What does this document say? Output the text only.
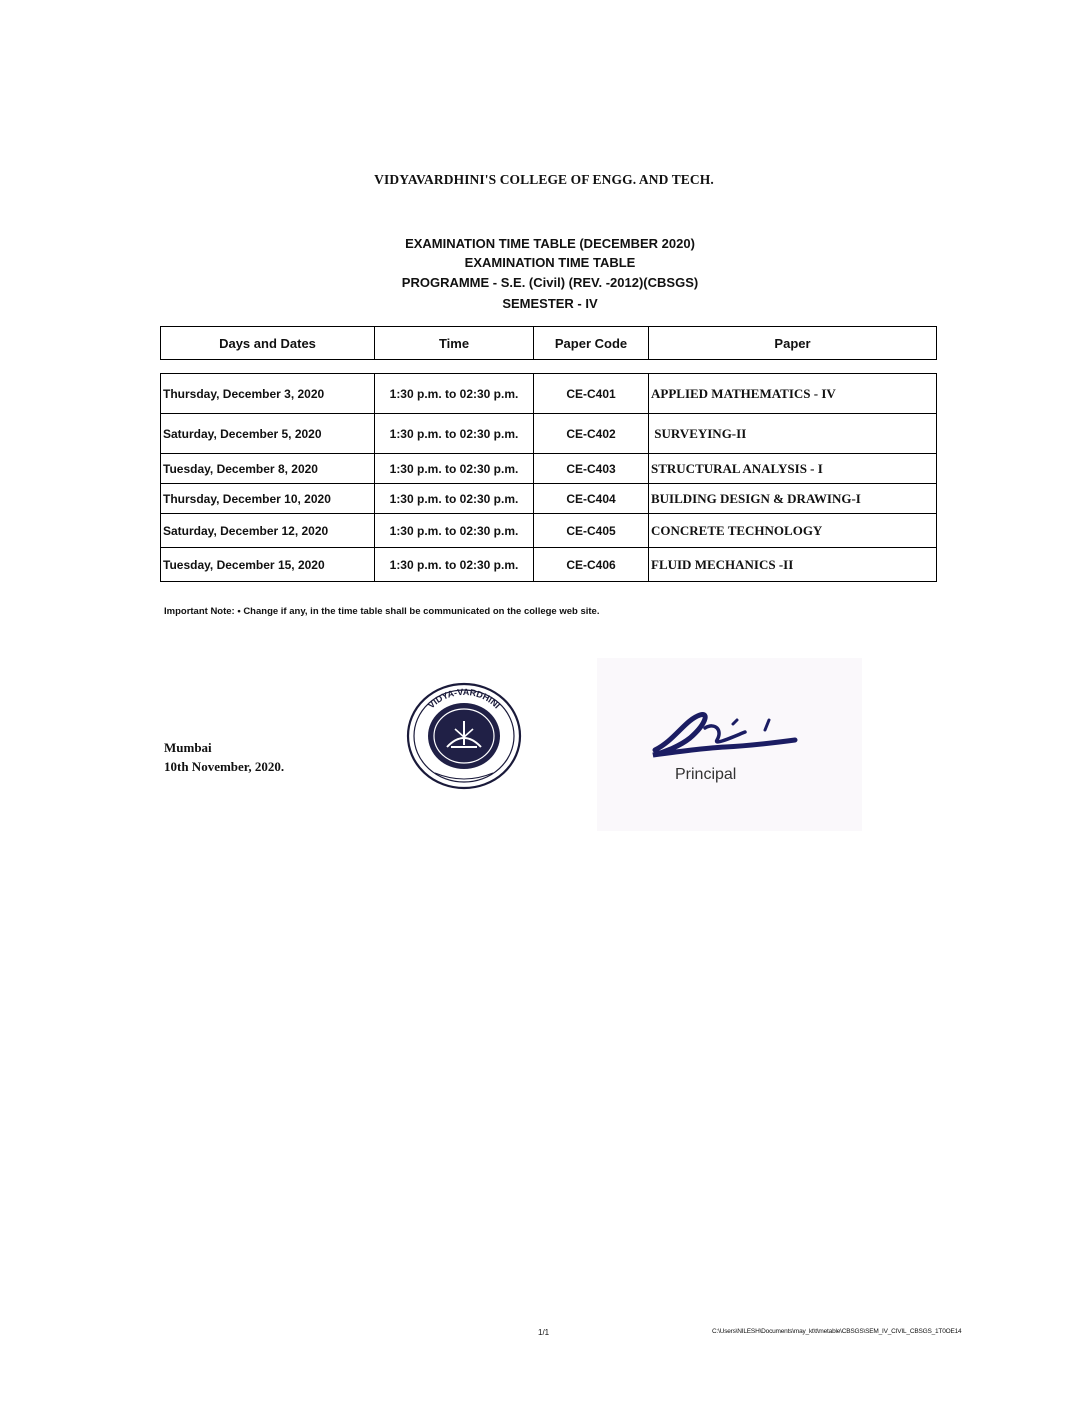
VIDYAVARDHINI'S COLLEGE OF ENGG. AND TECH.
EXAMINATION TIME TABLE (DECEMBER 2020)
EXAMINATION TIME TABLE
PROGRAMME - S.E. (Civil) (REV. -2012)(CBSGS)
SEMESTER - IV
Days and Dates	Time	Paper Code	Paper
Thursday, December 3, 2020	1:30 p.m. to 02:30 p.m.	CE-C401	APPLIED MATHEMATICS - IV
Saturday, December 5, 2020	1:30 p.m. to 02:30 p.m.	CE-C402	SURVEYING-II
Tuesday, December 8, 2020	1:30 p.m. to 02:30 p.m.	CE-C403	STRUCTURAL ANALYSIS - I
Thursday, December 10, 2020	1:30 p.m. to 02:30 p.m.	CE-C404	BUILDING DESIGN & DRAWING-I
Saturday, December 12, 2020	1:30 p.m. to 02:30 p.m.	CE-C405	CONCRETE TECHNOLOGY
Tuesday, December 15, 2020	1:30 p.m. to 02:30 p.m.	CE-C406	FLUID MECHANICS -II
Important Note: • Change if any, in the time table shall be communicated on the college web site.
Mumbai
10th November, 2020.
VIDYA-VARDHINI
Principal
1/1	C:\Users\NILESH\Documents\may_kt\t\metable\CBSGS\SEM_IV_CIVIL_CBSGS_1T0OE14
